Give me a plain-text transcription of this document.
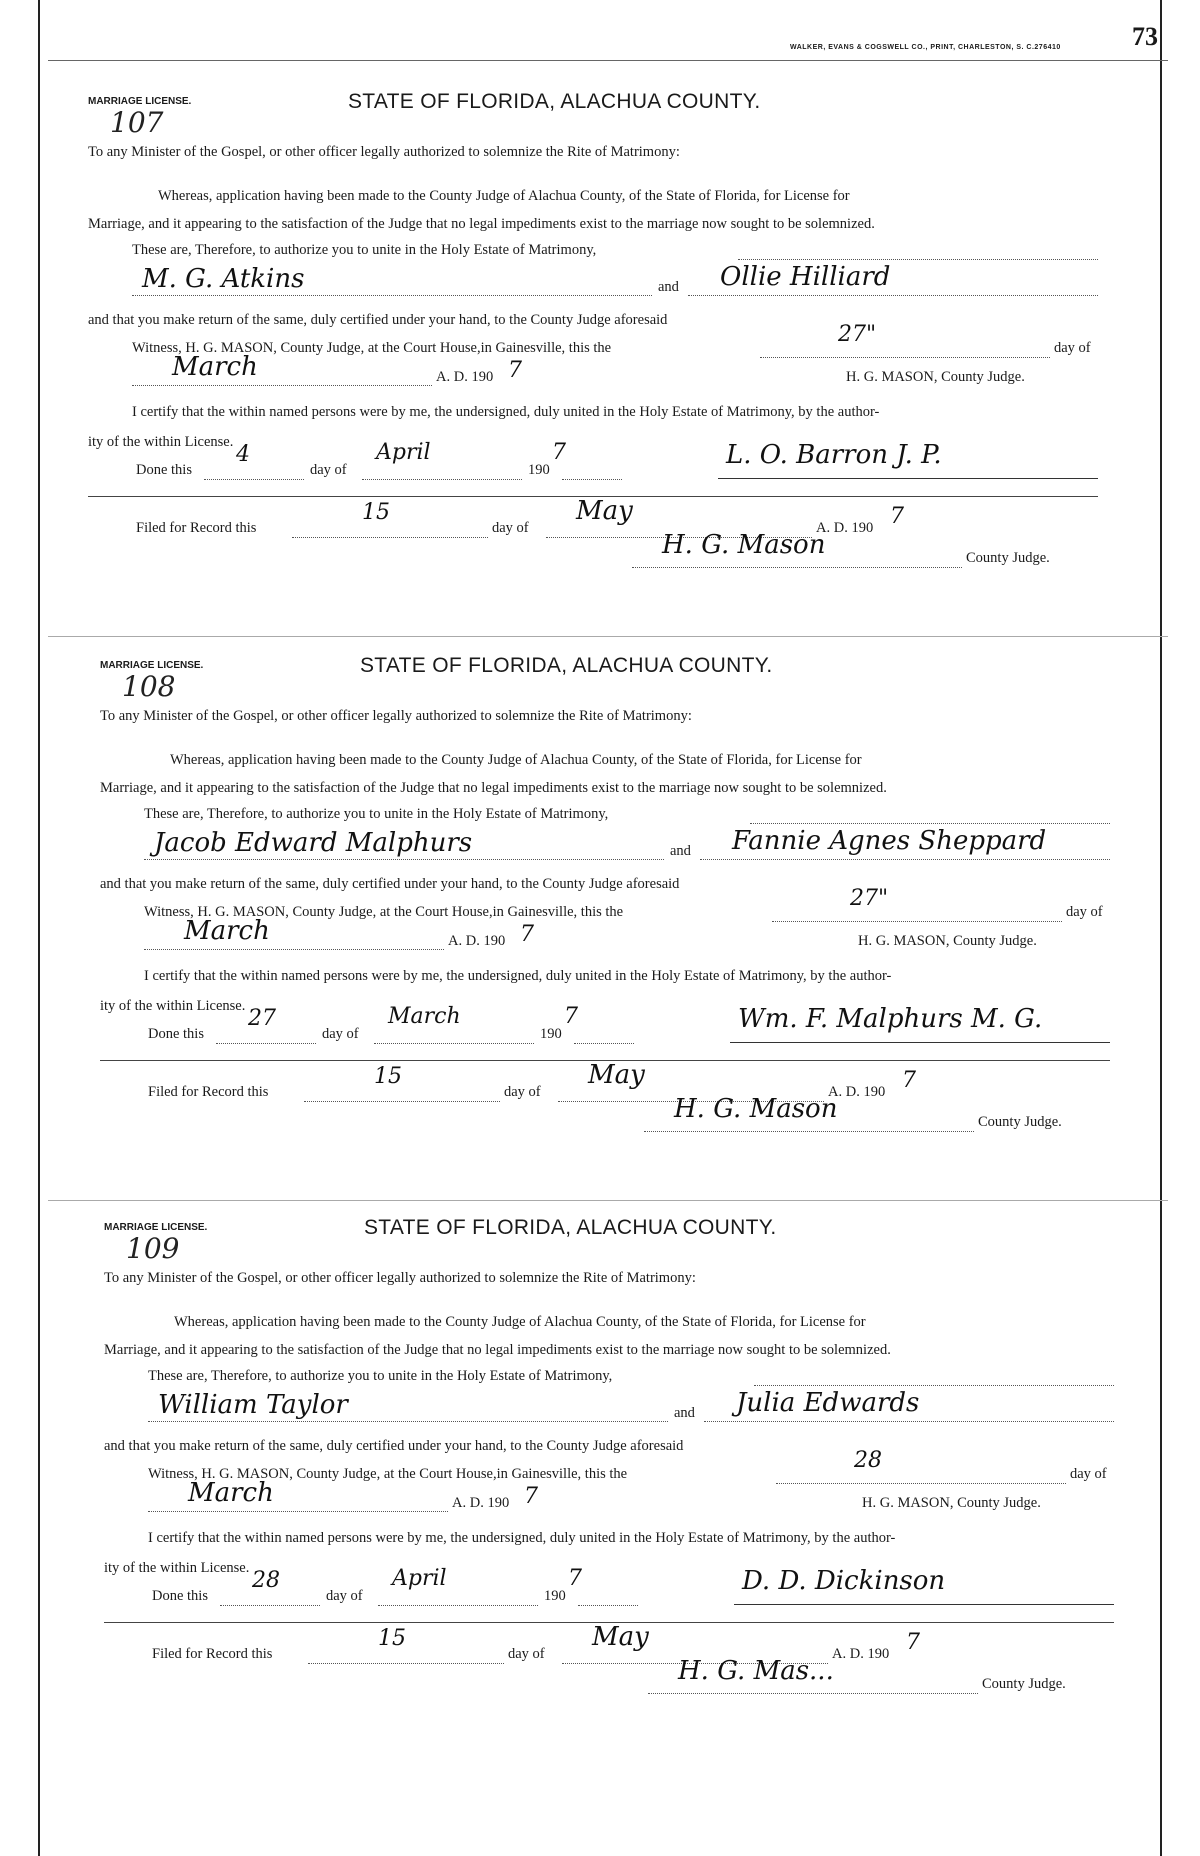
WALKER, EVANS & COGSWELL CO., PRINT, CHARLESTON, S. C.276410	73
MARRIAGE LICENSE.	STATE OF FLORIDA, ALACHUA COUNTY.
107
To any Minister of the Gospel, or other officer legally authorized to solemnize the Rite of Matrimony:
Whereas, application having been made to the County Judge of Alachua County, of the State of Florida, for License for
Marriage, and it appearing to the satisfaction of the Judge that no legal impediments exist to the marriage now sought to be solemnized.
These are, Therefore, to authorize you to unite in the Holy Estate of Matrimony,
M. G. Atkins	and Ollie Hilliard
and that you make return of the same, duly certified under your hand, to the County Judge aforesaid
Witness, H. G. MASON, County Judge, at the Court House,in Gainesville, this the
27"
day of
March	A. D. 190 7	H. G. MASON, County Judge.
I certify that the within named persons were by me, the undersigned, duly united in the Holy Estate of Matrimony, by the author-
ity of the within License.
Done this
4
day of
April
190
7	L. O. Barron J. P.
Filed for Record this
15
day of
May
A. D. 190 7
H. G. Mason	County Judge.
MARRIAGE LICENSE.	STATE OF FLORIDA, ALACHUA COUNTY.
108
To any Minister of the Gospel, or other officer legally authorized to solemnize the Rite of Matrimony:
Whereas, application having been made to the County Judge of Alachua County, of the State of Florida, for License for
Marriage, and it appearing to the satisfaction of the Judge that no legal impediments exist to the marriage now sought to be solemnized.
These are, Therefore, to authorize you to unite in the Holy Estate of Matrimony,
Jacob Edward Malphurs	and Fannie Agnes Sheppard
and that you make return of the same, duly certified under your hand, to the County Judge aforesaid
Witness, H. G. MASON, County Judge, at the Court House,in Gainesville, this the
27"
day of
March	A. D. 190 7	H. G. MASON, County Judge.
I certify that the within named persons were by me, the undersigned, duly united in the Holy Estate of Matrimony, by the author-
ity of the within License.
Done this
27
day of
March
190
7	Wm. F. Malphurs M. G.
Filed for Record this
15
day of
May
A. D. 190 7
H. G. Mason	County Judge.
MARRIAGE LICENSE.	STATE OF FLORIDA, ALACHUA COUNTY.
109
To any Minister of the Gospel, or other officer legally authorized to solemnize the Rite of Matrimony:
Whereas, application having been made to the County Judge of Alachua County, of the State of Florida, for License for
Marriage, and it appearing to the satisfaction of the Judge that no legal impediments exist to the marriage now sought to be solemnized.
These are, Therefore, to authorize you to unite in the Holy Estate of Matrimony,
William Taylor	and Julia Edwards
and that you make return of the same, duly certified under your hand, to the County Judge aforesaid
Witness, H. G. MASON, County Judge, at the Court House,in Gainesville, this the
28
day of
March	A. D. 190 7	H. G. MASON, County Judge.
I certify that the within named persons were by me, the undersigned, duly united in the Holy Estate of Matrimony, by the author-
ity of the within License.
Done this
28
day of
April
190
7	D. D. Dickinson
Filed for Record this
15
day of
May
A. D. 190 7
H. G. Mas...	County Judge.
